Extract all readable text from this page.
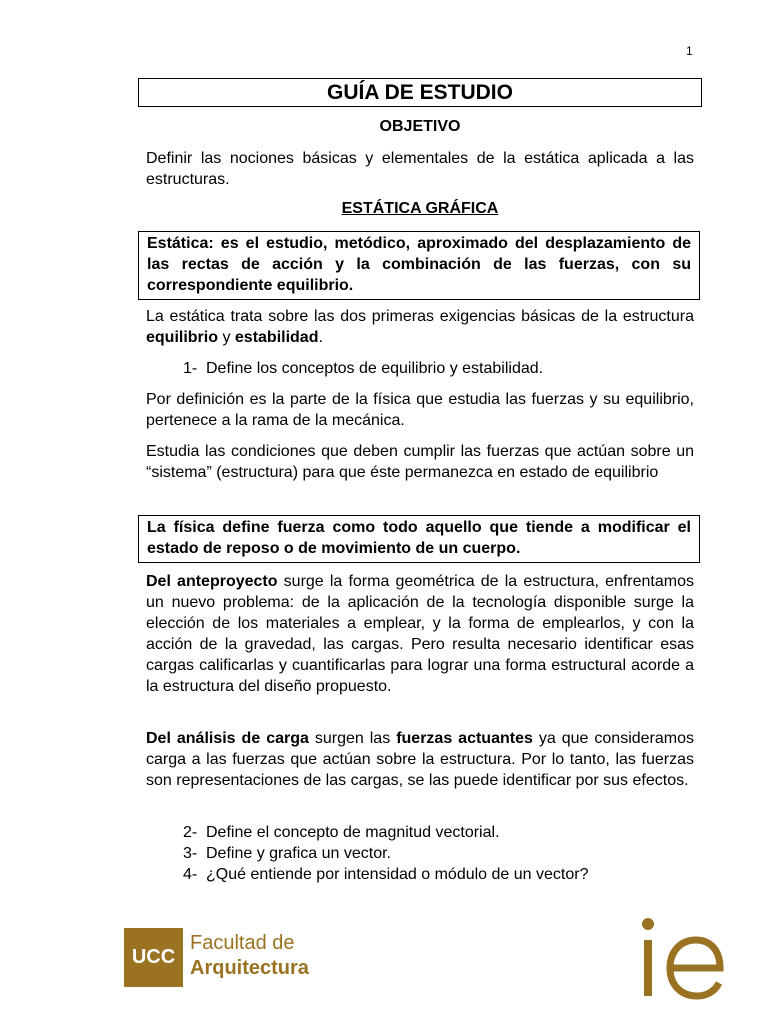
1
GUÍA DE ESTUDIO
OBJETIVO

Definir las nociones básicas y elementales de la estática aplicada a las estructuras.

ESTÁTICA GRÁFICA

Estática: es el estudio, metódico, aproximado del desplazamiento de las rectas de acción y la combinación de las fuerzas, con su correspondiente equilibrio.

La estática trata sobre las dos primeras exigencias básicas de la estructura equilibrio y estabilidad.

1- Define los conceptos de equilibrio y estabilidad.

Por definición es la parte de la física que estudia las fuerzas y su equilibrio, pertenece a la rama de la mecánica.

Estudia las condiciones que deben cumplir las fuerzas que actúan sobre un “sistema” (estructura) para que éste permanezca en estado de equilibrio

La física define fuerza como todo aquello que tiende a modificar el estado de reposo o de movimiento de un cuerpo.

Del anteproyecto surge la forma geométrica de la estructura, enfrentamos un nuevo problema: de la aplicación de la tecnología disponible surge la elección de los materiales a emplear, y la forma de emplearlos, y con la acción de la gravedad, las cargas. Pero resulta necesario identificar esas cargas calificarlas y cuantificarlas para lograr una forma estructural acorde a la estructura del diseño propuesto.

Del análisis de carga surgen las fuerzas actuantes ya que consideramos carga a las fuerzas que actúan sobre la estructura. Por lo tanto, las fuerzas son representaciones de las cargas, se las puede identificar por sus efectos.

2- Define el concepto de magnitud vectorial.

3- Define y grafica un vector.

4- ¿Qué entiende por intensidad o módulo de un vector?

UCC
Facultad de
Arquitectura
